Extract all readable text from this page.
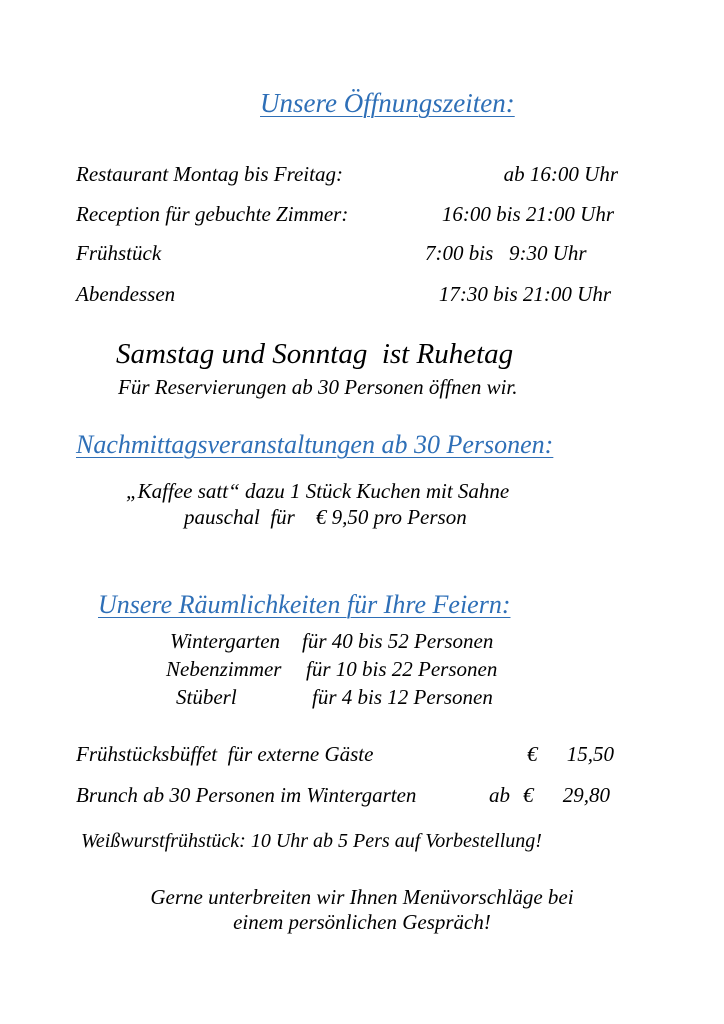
Unsere Öffnungszeiten:
Restaurant Montag bis Freitag:	ab 16:00 Uhr
Reception für gebuchte Zimmer:	16:00 bis 21:00 Uhr
Frühstück	7:00 bis   9:30 Uhr
Abendessen	17:30 bis 21:00 Uhr
Samstag und Sonntag  ist Ruhetag
Für Reservierungen ab 30 Personen öffnen wir.
Nachmittagsveranstaltungen ab 30 Personen:
„Kaffee satt“ dazu 1 Stück Kuchen mit Sahne
pauschal  für    € 9,50 pro Person
Unsere Räumlichkeiten für Ihre Feiern:
Wintergarten für 40 bis 52 Personen
Nebenzimmer für 10 bis 22 Personen
Stüberl	für 4 bis 12 Personen
Frühstücksbüffet  für externe Gäste	€	15,50
Brunch ab 30 Personen im Wintergarten	ab €	29,80
Weißwurstfrühstück: 10 Uhr ab 5 Pers auf Vorbestellung!
Gerne unterbreiten wir Ihnen Menüvorschläge bei
einem persönlichen Gespräch!
